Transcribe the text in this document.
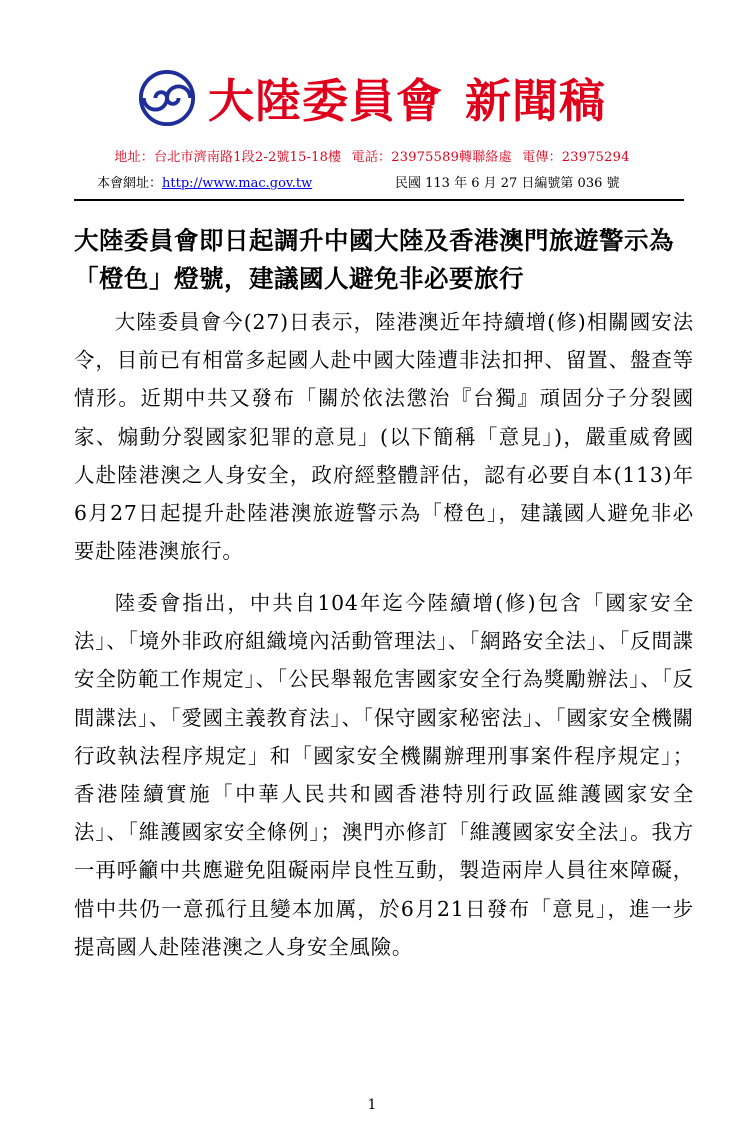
大陸委員會 新聞稿
地址：台北市濟南路1段2-2號15-18樓 電話：23975589轉聯絡處 電傳：23975294
本會網址：http://www.mac.gov.tw	民國 113 年 6 月 27 日編號第 036 號
大陸委員會即日起調升中國大陸及香港澳門旅遊警示為「橙色」燈號，建議國人避免非必要旅行

大陸委員會今(27)日表示，陸港澳近年持續增(修)相關國安法令，目前已有相當多起國人赴中國大陸遭非法扣押、留置、盤查等情形。近期中共又發布「關於依法懲治『台獨』頑固分子分裂國家、煽動分裂國家犯罪的意見」(以下簡稱「意見」)，嚴重威脅國人赴陸港澳之人身安全，政府經整體評估，認有必要自本(113)年6月27日起提升赴陸港澳旅遊警示為「橙色」，建議國人避免非必要赴陸港澳旅行。

陸委會指出，中共自104年迄今陸續增(修)包含「國家安全法」、「境外非政府組織境內活動管理法」、「網路安全法」、「反間諜安全防範工作規定」、「公民舉報危害國家安全行為獎勵辦法」、「反間諜法」、「愛國主義教育法」、「保守國家秘密法」、「國家安全機關行政執法程序規定」和「國家安全機關辦理刑事案件程序規定」；香港陸續實施「中華人民共和國香港特別行政區維護國家安全法」、「維護國家安全條例」；澳門亦修訂「維護國家安全法」。我方一再呼籲中共應避免阻礙兩岸良性互動，製造兩岸人員往來障礙，惜中共仍一意孤行且變本加厲，於6月21日發布「意見」，進一步提高國人赴陸港澳之人身安全風險。

1
